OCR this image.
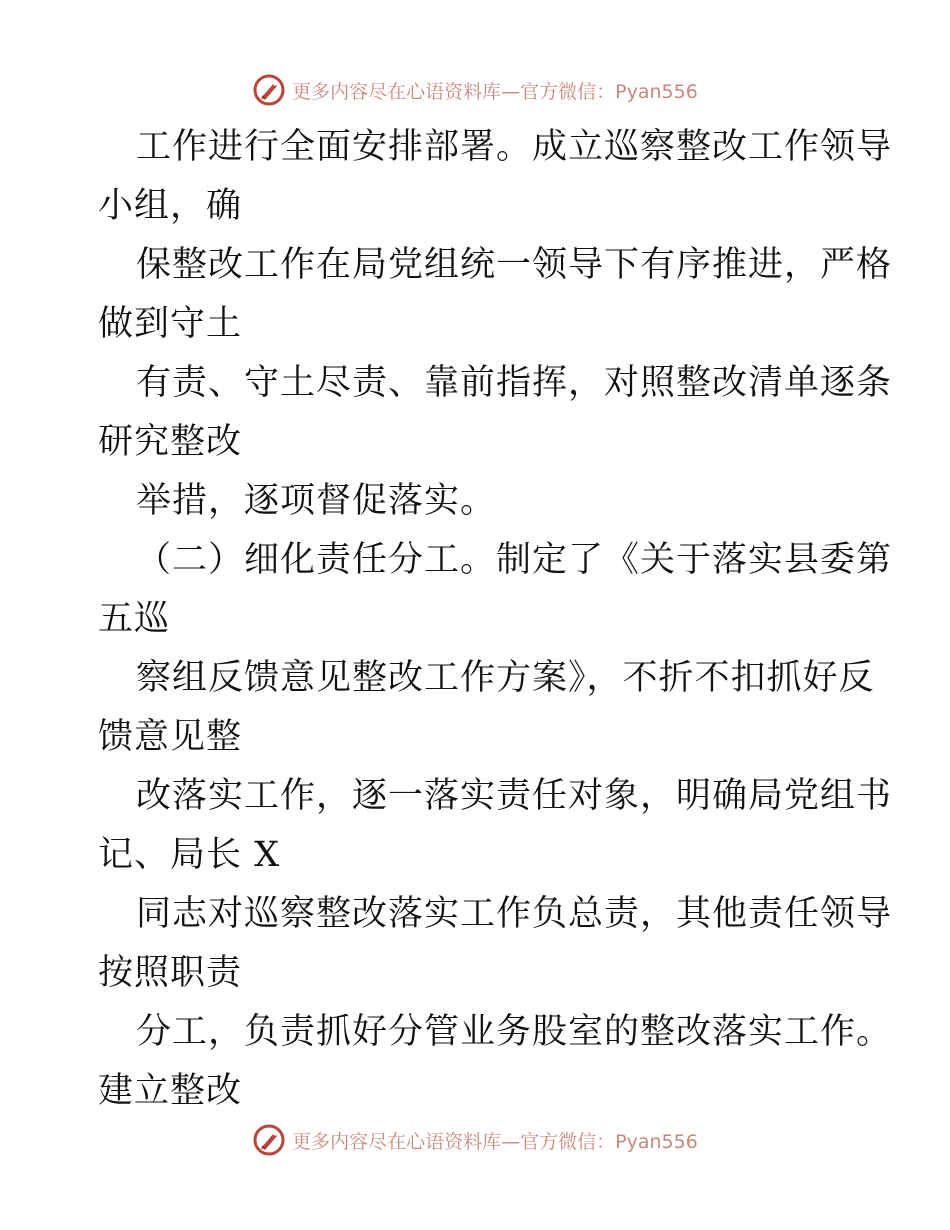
更多内容尽在心语资料库—官方微信：Pyan556
工作进行全面安排部署。成立巡察整改工作领导
小组，确
保整改工作在局党组统一领导下有序推进，严格
做到守土
有责、守土尽责、靠前指挥，对照整改清单逐条
研究整改
举措，逐项督促落实。
（二）细化责任分工。制定了《关于落实县委第
五巡
察组反馈意见整改工作方案》，不折不扣抓好反
馈意见整
改落实工作，逐一落实责任对象，明确局党组书
记、局长 X
同志对巡察整改落实工作负总责，其他责任领导
按照职责
分工，负责抓好分管业务股室的整改落实工作。
建立整改
更多内容尽在心语资料库—官方微信：Pyan556
